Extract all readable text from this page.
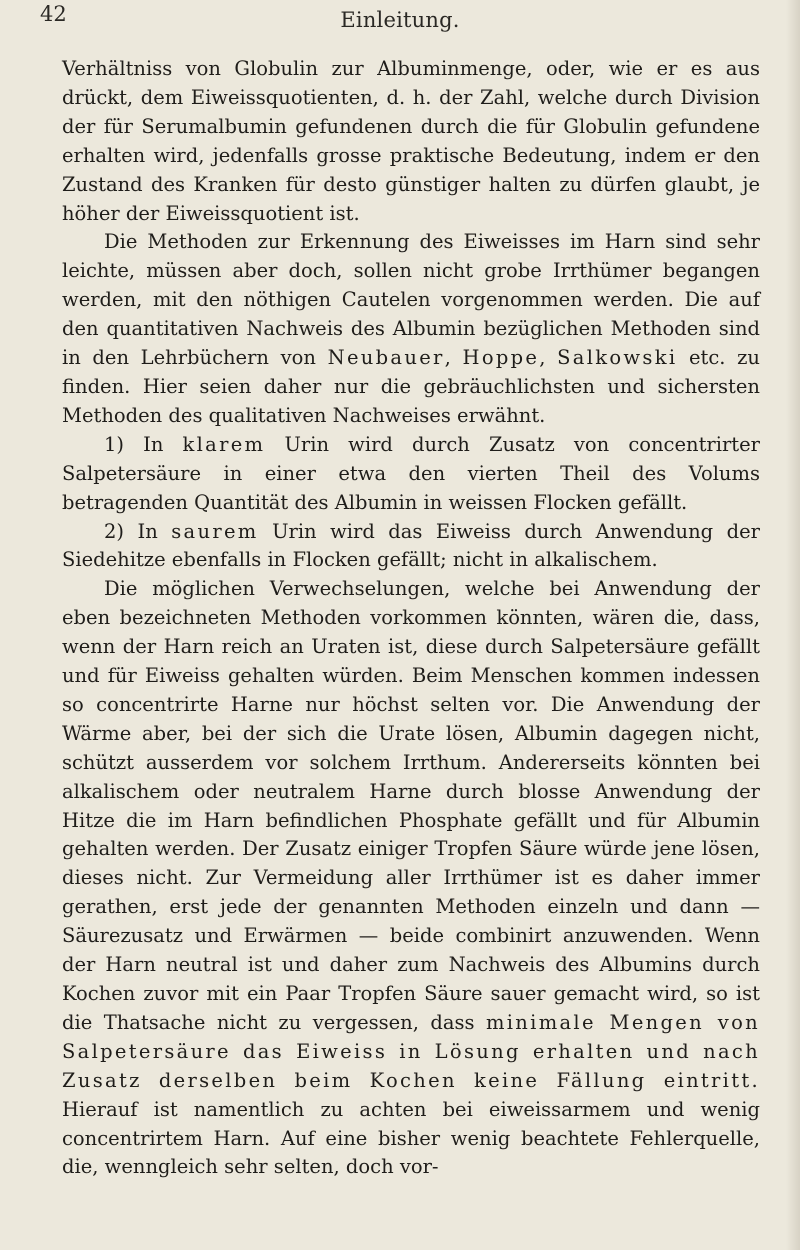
42	Einleitung.

Verhältniss von Globulin zur Albuminmenge, oder, wie er es aus drückt, dem Eiweissquotienten, d. h. der Zahl, welche durch Division der für Serumalbumin gefundenen durch die für Globulin gefundene erhalten wird, jedenfalls grosse praktische Bedeutung, indem er den Zustand des Kranken für desto günstiger halten zu dürfen glaubt, je höher der Eiweissquotient ist.

Die Methoden zur Erkennung des Eiweisses im Harn sind sehr leichte, müssen aber doch, sollen nicht grobe Irrthümer begangen werden, mit den nöthigen Cautelen vorgenommen werden. Die auf den quantitativen Nachweis des Albumin bezüglichen Methoden sind in den Lehrbüchern von Neubauer, Hoppe, Salkowski etc. zu finden. Hier seien daher nur die gebräuchlichsten und sichersten Methoden des qualitativen Nachweises erwähnt.

1) In klarem Urin wird durch Zusatz von concentrirter Salpetersäure in einer etwa den vierten Theil des Volums betragenden Quantität des Albumin in weissen Flocken gefällt.

2) In saurem Urin wird das Eiweiss durch Anwendung der Siedehitze ebenfalls in Flocken gefällt; nicht in alkalischem.

Die möglichen Verwechselungen, welche bei Anwendung der eben bezeichneten Methoden vorkommen könnten, wären die, dass, wenn der Harn reich an Uraten ist, diese durch Salpetersäure gefällt und für Eiweiss gehalten würden. Beim Menschen kommen indessen so concentrirte Harne nur höchst selten vor. Die Anwendung der Wärme aber, bei der sich die Urate lösen, Albumin dagegen nicht, schützt ausserdem vor solchem Irrthum. Andererseits könnten bei alkalischem oder neutralem Harne durch blosse Anwendung der Hitze die im Harn befindlichen Phosphate gefällt und für Albumin gehalten werden. Der Zusatz einiger Tropfen Säure würde jene lösen, dieses nicht. Zur Vermeidung aller Irrthümer ist es daher immer gerathen, erst jede der genannten Methoden einzeln und dann — Säurezusatz und Erwärmen — beide combinirt anzuwenden. Wenn der Harn neutral ist und daher zum Nachweis des Albumins durch Kochen zuvor mit ein Paar Tropfen Säure sauer gemacht wird, so ist die Thatsache nicht zu vergessen, dass minimale Mengen von Salpetersäure das Eiweiss in Lösung erhalten und nach Zusatz derselben beim Kochen keine Fällung eintritt. Hierauf ist namentlich zu achten bei eiweissarmem und wenig concentrirtem Harn. Auf eine bisher wenig beachtete Fehlerquelle, die, wenngleich sehr selten, doch vor-
